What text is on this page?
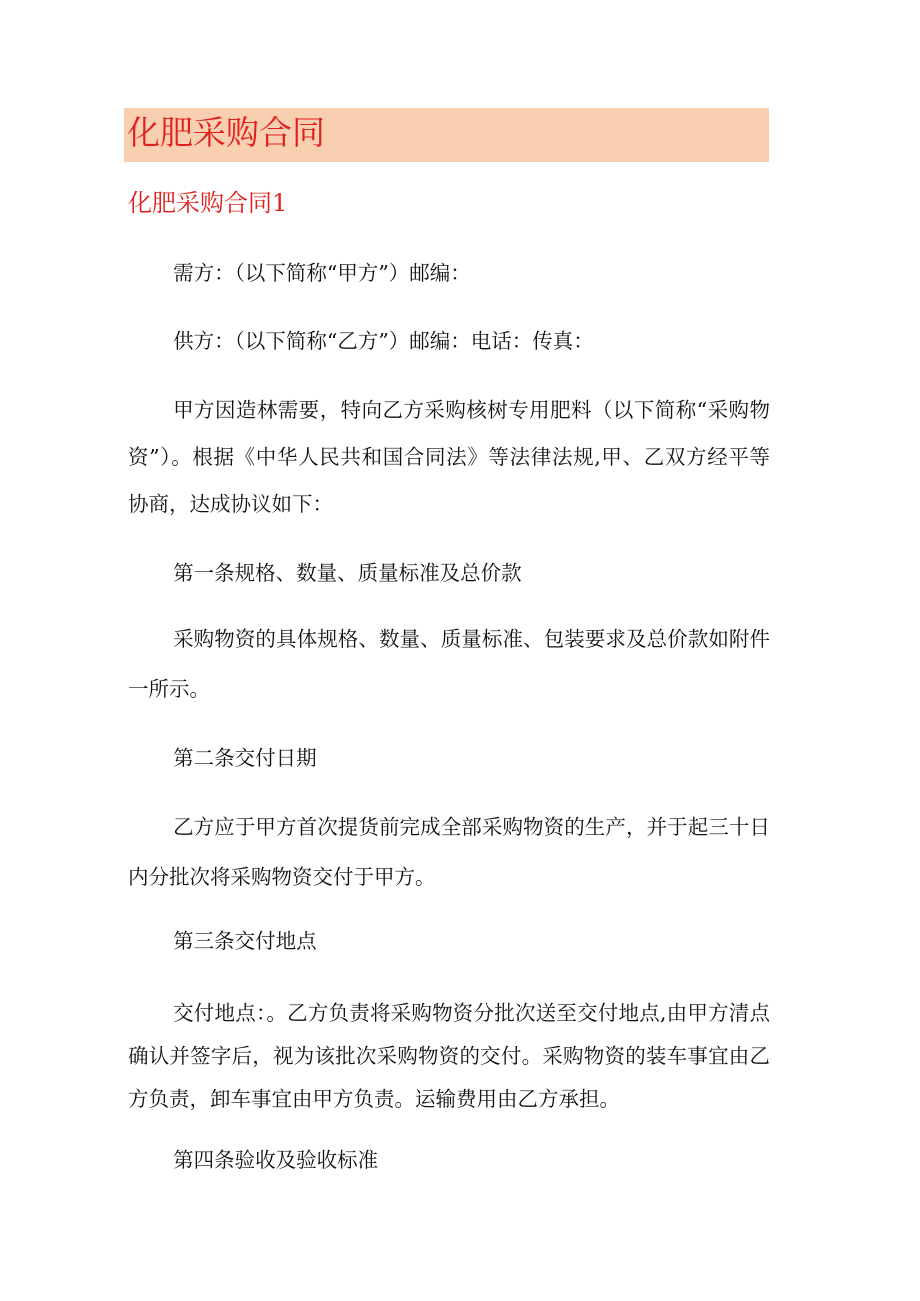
化肥采购合同
化肥采购合同1

需方：（以下简称“甲方”）邮编：

供方：（以下简称“乙方”）邮编：电话：传真：

甲方因造林需要，特向乙方采购核树专用肥料（以下简称“采购物资”）。根据《中华人民共和国合同法》等法律法规,甲、乙双方经平等协商，达成协议如下：

第一条规格、数量、质量标准及总价款

采购物资的具体规格、数量、质量标准、包装要求及总价款如附件一所示。

第二条交付日期

乙方应于甲方首次提货前完成全部采购物资的生产，并于起三十日内分批次将采购物资交付于甲方。

第三条交付地点

交付地点：。乙方负责将采购物资分批次送至交付地点,由甲方清点确认并签字后，视为该批次采购物资的交付。采购物资的装车事宜由乙方负责，卸车事宜由甲方负责。运输费用由乙方承担。

第四条验收及验收标准
